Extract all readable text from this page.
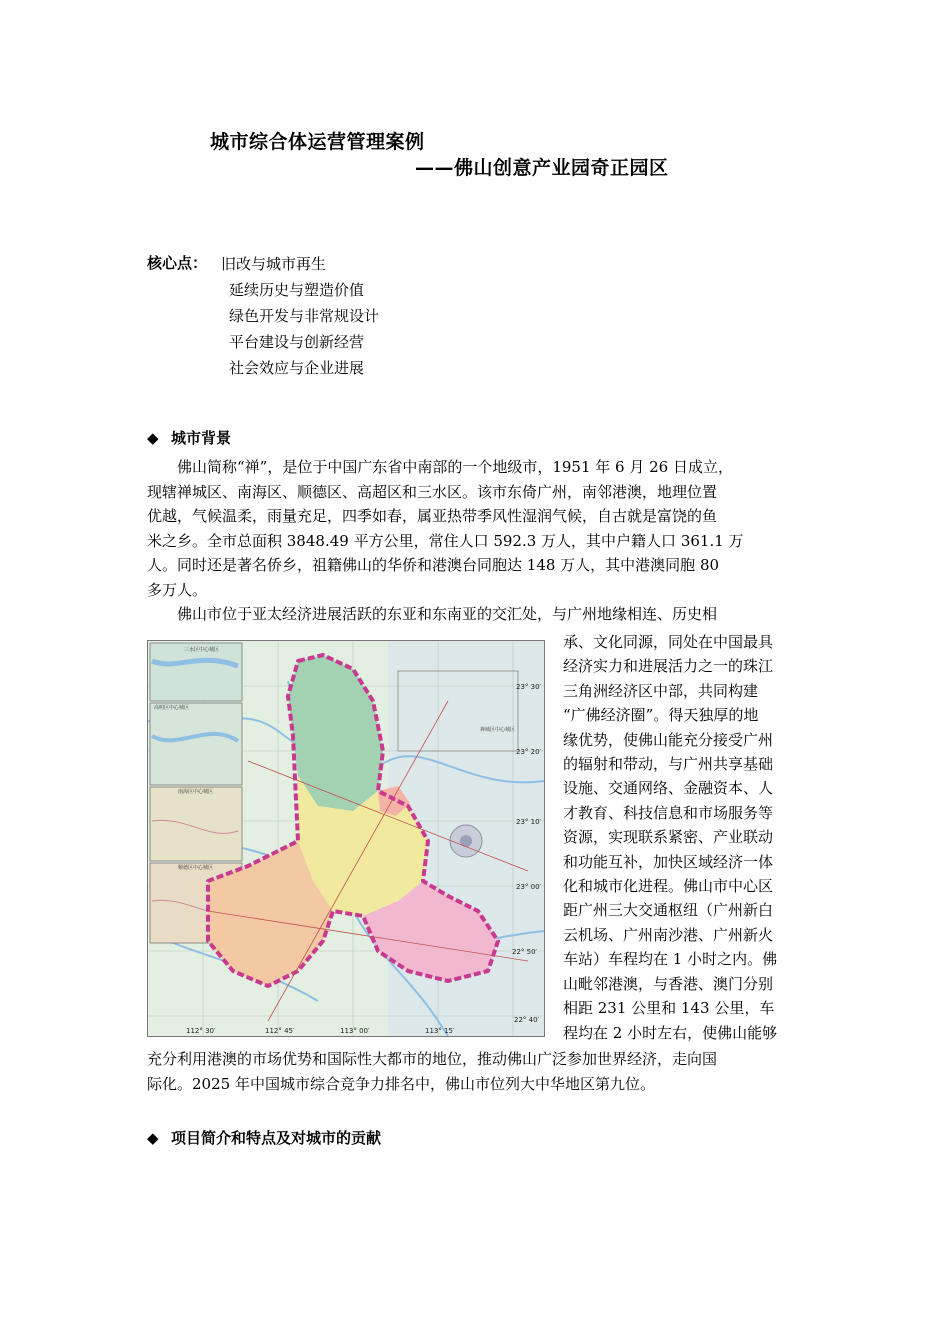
城市综合体运营管理案例
——佛山创意产业园奇正园区
核心点： 旧改与城市再生
延续历史与塑造价值
绿色开发与非常规设计
平台建设与创新经营
社会效应与企业进展
◆ 城市背景
佛山简称“禅”，是位于中国广东省中南部的一个地级市，1951 年 6 月 26 日成立，
现辖禅城区、南海区、顺德区、高超区和三水区。该市东倚广州，南邻港澳，地理位置
优越，气候温柔，雨量充足，四季如春，属亚热带季风性湿润气候，自古就是富饶的鱼
米之乡。全市总面积 3848.49 平方公里，常住人口 592.3 万人，其中户籍人口 361.1 万
人。同时还是著名侨乡，祖籍佛山的华侨和港澳台同胞达 148 万人，其中港澳同胞 80
多万人。
佛山市位于亚太经济进展活跃的东亚和东南亚的交汇处，与广州地缘相连、历史相
三水区中心城区
高明区中心城区
南海区中心城区
顺德区中心城区
禅城区中心城区
23° 30′
23° 20′
23° 10′
23° 00′
22° 50′
22° 40′
112° 30′	112° 45′	113° 00′	113° 15′
承、文化同源，同处在中国最具
经济实力和进展活力之一的珠江
三角洲经济区中部，共同构建
“广佛经济圈”。得天独厚的地
缘优势，使佛山能充分接受广州
的辐射和带动，与广州共享基础
设施、交通网络、金融资本、人
才教育、科技信息和市场服务等
资源，实现联系紧密、产业联动
和功能互补，加快区域经济一体
化和城市化进程。佛山市中心区
距广州三大交通枢纽（广州新白
云机场、广州南沙港、广州新火
车站）车程均在 1 小时之内。佛
山毗邻港澳，与香港、澳门分别
相距 231 公里和 143 公里，车
程均在 2 小时左右，使佛山能够
充分利用港澳的市场优势和国际性大都市的地位，推动佛山广泛参加世界经济，走向国
际化。2025 年中国城市综合竞争力排名中，佛山市位列大中华地区第九位。
◆ 项目简介和特点及对城市的贡献
